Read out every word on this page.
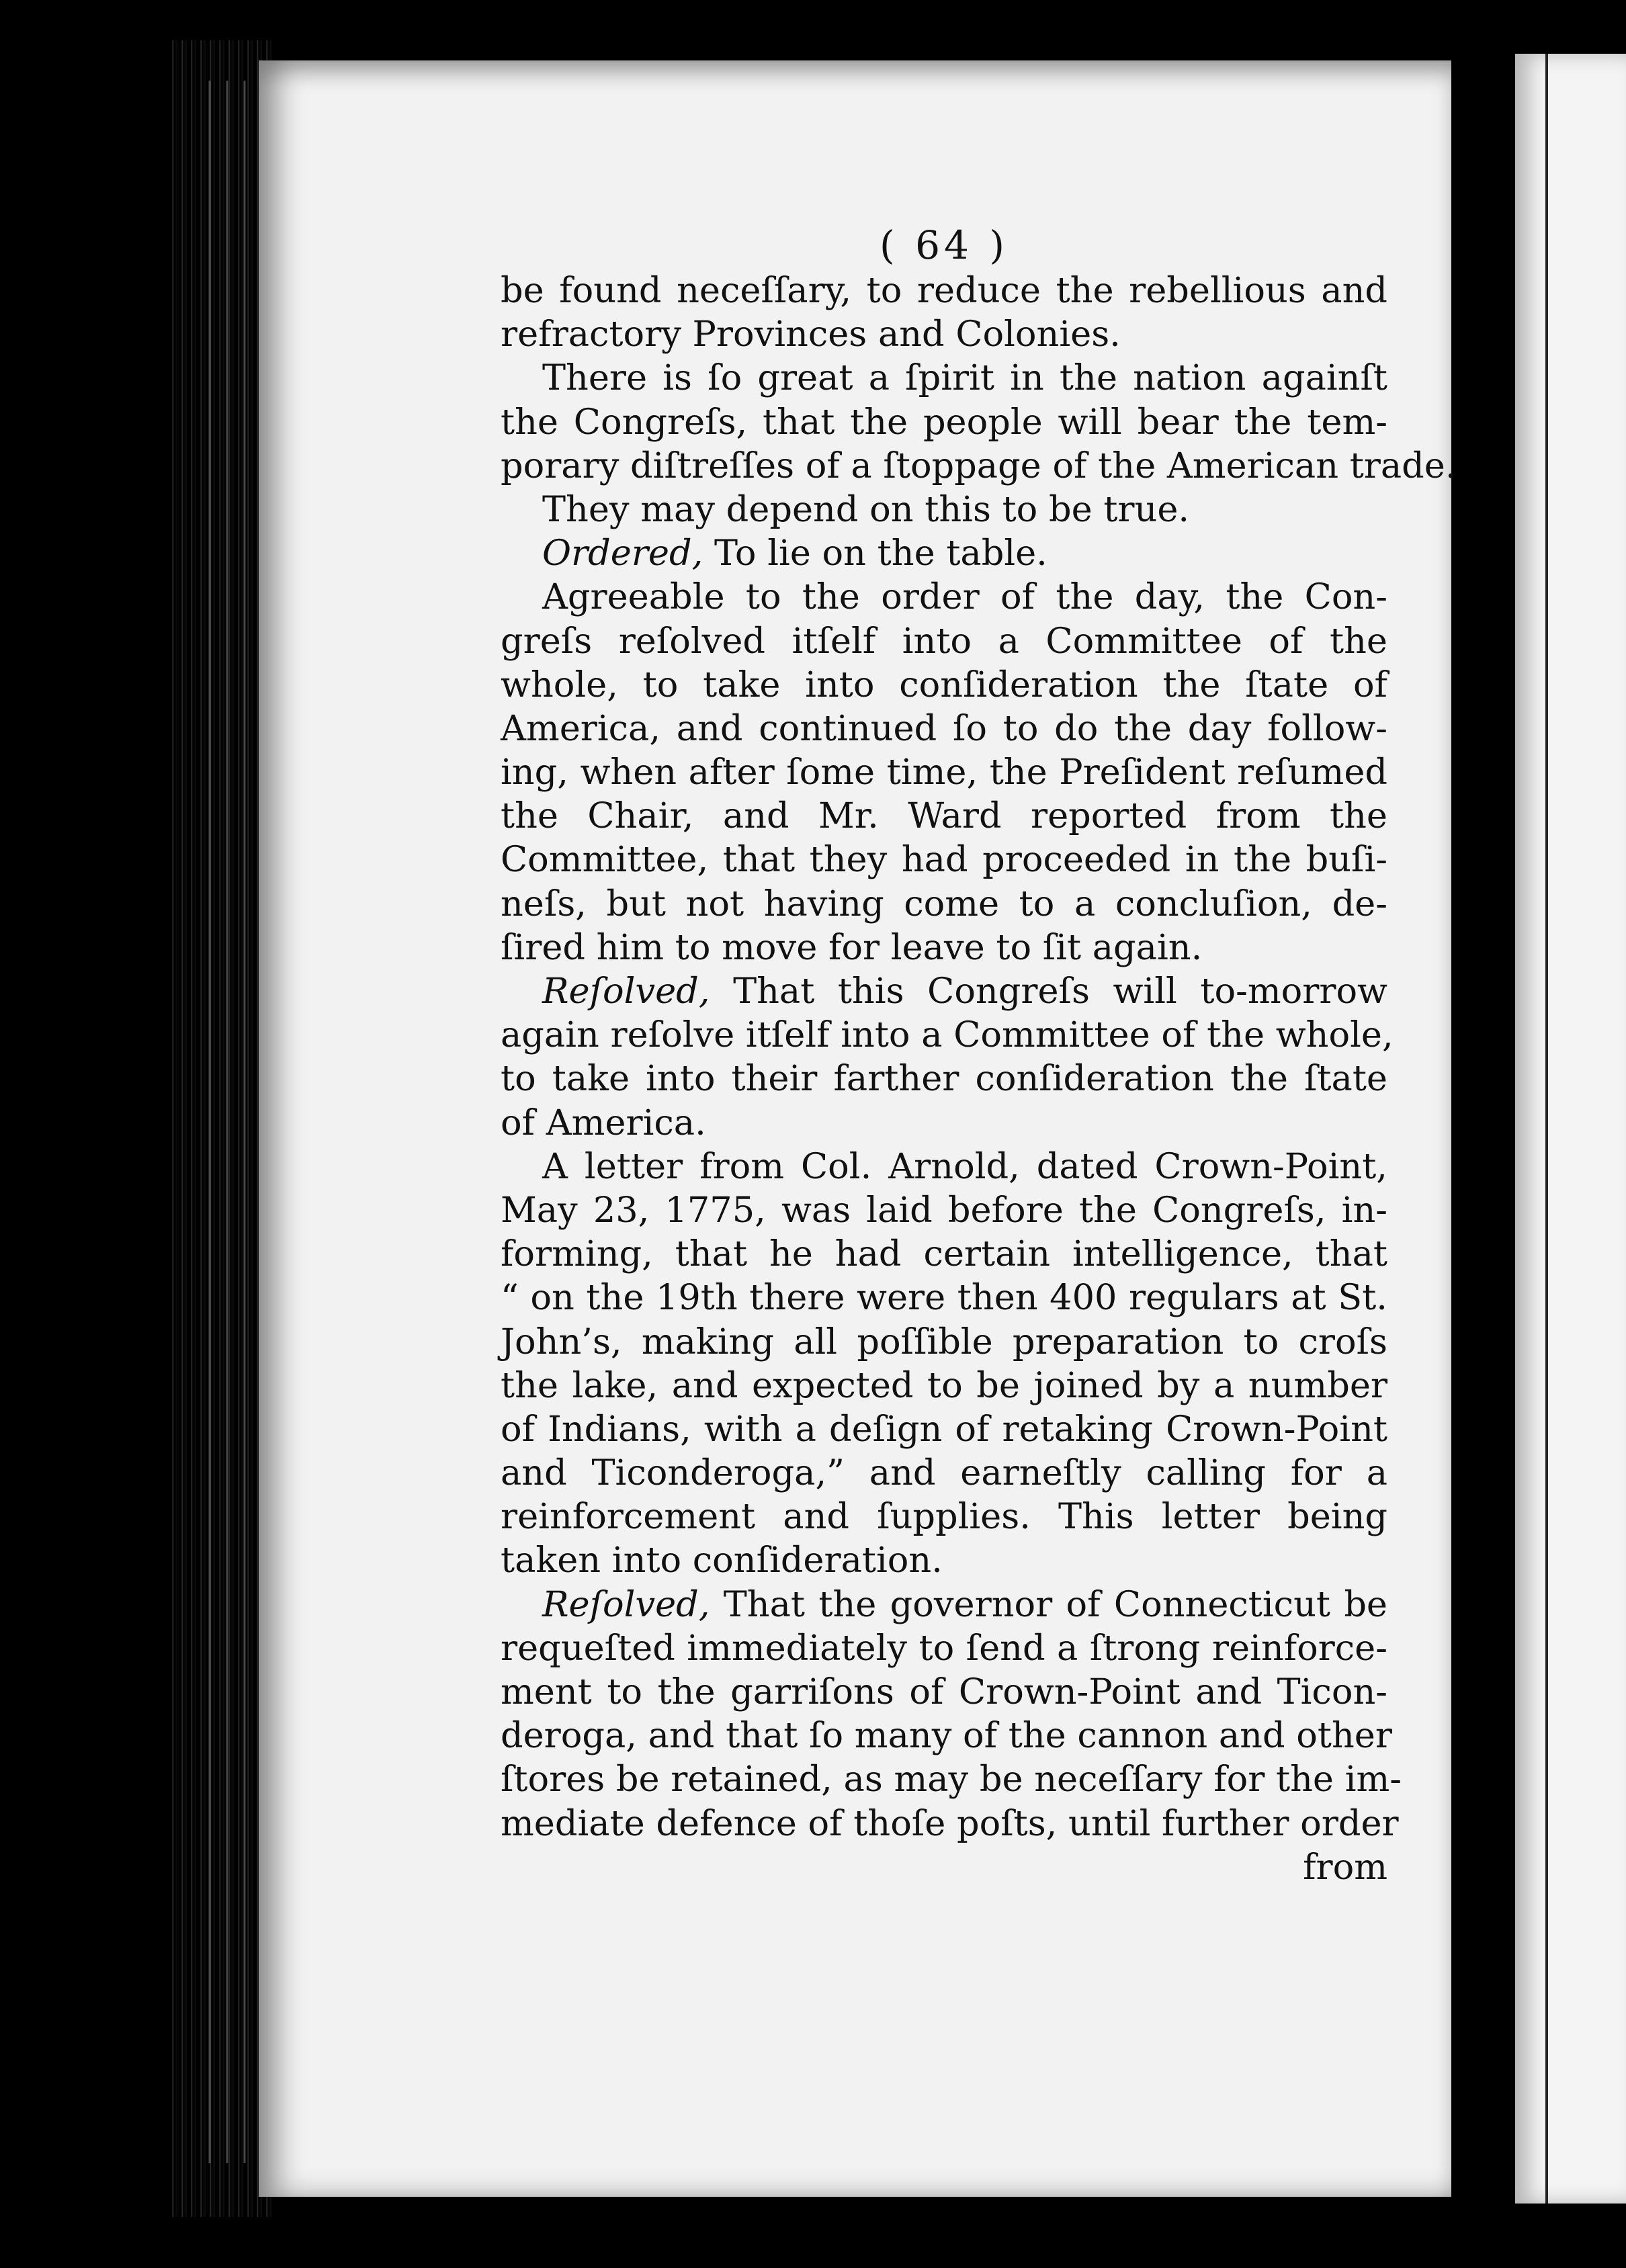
( 64 )
be found neceſſary, to reduce the rebellious and
refractory Provinces and Colonies.
There is ſo great a ſpirit in the nation againſt
the Congreſs, that the people will bear the tem-
porary diſtreſſes of a ſtoppage of the American trade.
They may depend on this to be true.
Ordered, To lie on the table.
Agreeable to the order of the day, the Con-
greſs reſolved itſelf into a Committee of the
whole, to take into conſideration the ſtate of
America, and continued ſo to do the day follow-
ing, when after ſome time, the Preſident reſumed
the Chair, and Mr. Ward reported from the
Committee, that they had proceeded in the buſi-
neſs, but not having come to a concluſion, de-
ſired him to move for leave to ſit again.
Reſolved, That this Congreſs will to-morrow
again reſolve itſelf into a Committee of the whole,
to take into their farther conſideration the ſtate
of America.
A letter from Col. Arnold, dated Crown-Point,
May 23, 1775, was laid before the Congreſs, in-
forming, that he had certain intelligence, that
“ on the 19th there were then 400 regulars at St.
John’s, making all poſſible preparation to croſs
the lake, and expected to be joined by a number
of Indians, with a deſign of retaking Crown-Point
and Ticonderoga,” and earneſtly calling for a
reinforcement and ſupplies. This letter being
taken into conſideration.
Reſolved, That the governor of Connecticut be
requeſted immediately to ſend a ſtrong reinforce-
ment to the garriſons of Crown-Point and Ticon-
deroga, and that ſo many of the cannon and other
ſtores be retained, as may be neceſſary for the im-
mediate defence of thoſe poſts, until further order
from
